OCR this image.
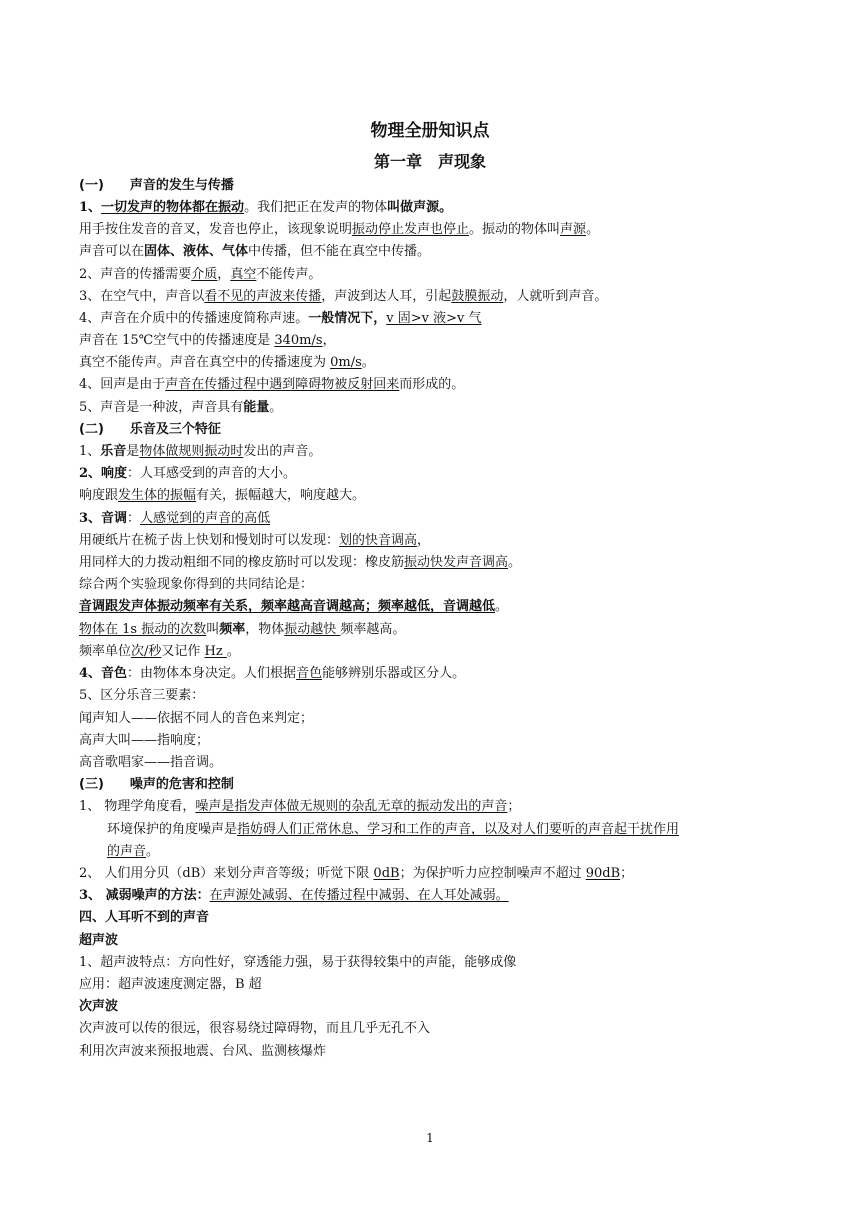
物理全册知识点
第一章　声现象
(一)　　声音的发生与传播
1、一切发声的物体都在振动。我们把正在发声的物体叫做声源。
用手按住发音的音叉，发音也停止，该现象说明振动停止发声也停止。振动的物体叫声源。
声音可以在固体、液体、气体中传播，但不能在真空中传播。
2、声音的传播需要介质，真空不能传声。
3、在空气中，声音以看不见的声波来传播，声波到达人耳，引起鼓膜振动，人就听到声音。
4、声音在介质中的传播速度简称声速。一般情况下，v 固>v 液>v 气
声音在 15℃空气中的传播速度是 340m/s，
真空不能传声。声音在真空中的传播速度为 0m/s。
4、回声是由于声音在传播过程中遇到障碍物被反射回来而形成的。
5、声音是一种波，声音具有能量。
(二)　　乐音及三个特征
1、乐音是物体做规则振动时发出的声音。
2、响度：人耳感受到的声音的大小。
响度跟发生体的振幅有关，振幅越大，响度越大。
3、音调：人感觉到的声音的高低
用硬纸片在梳子齿上快划和慢划时可以发现：划的快音调高，
用同样大的力拨动粗细不同的橡皮筋时可以发现：橡皮筋振动快发声音调高。
综合两个实验现象你得到的共同结论是：
音调跟发声体振动频率有关系，频率越高音调越高；频率越低，音调越低。
物体在 1s 振动的次数叫频率，物体振动越快 频率越高。
频率单位次/秒又记作 Hz 。
4、音色：由物体本身决定。人们根据音色能够辨别乐器或区分人。
5、区分乐音三要素：
闻声知人——依据不同人的音色来判定；
高声大叫——指响度；
高音歌唱家——指音调。
(三)　　噪声的危害和控制
1、 物理学角度看，噪声是指发声体做无规则的杂乱无章的振动发出的声音；
环境保护的角度噪声是指妨碍人们正常休息、学习和工作的声音，以及对人们要听的声音起干扰作用
的声音。
2、 人们用分贝（dB）来划分声音等级；听觉下限 0dB；为保护听力应控制噪声不超过 90dB；
3、 减弱噪声的方法：在声源处减弱、在传播过程中减弱、在人耳处减弱。
四、人耳听不到的声音
超声波
1、超声波特点：方向性好，穿透能力强，易于获得较集中的声能，能够成像
应用：超声波速度测定器，B 超
次声波
次声波可以传的很远，很容易绕过障碍物，而且几乎无孔不入
利用次声波来预报地震、台风、监测核爆炸
1
